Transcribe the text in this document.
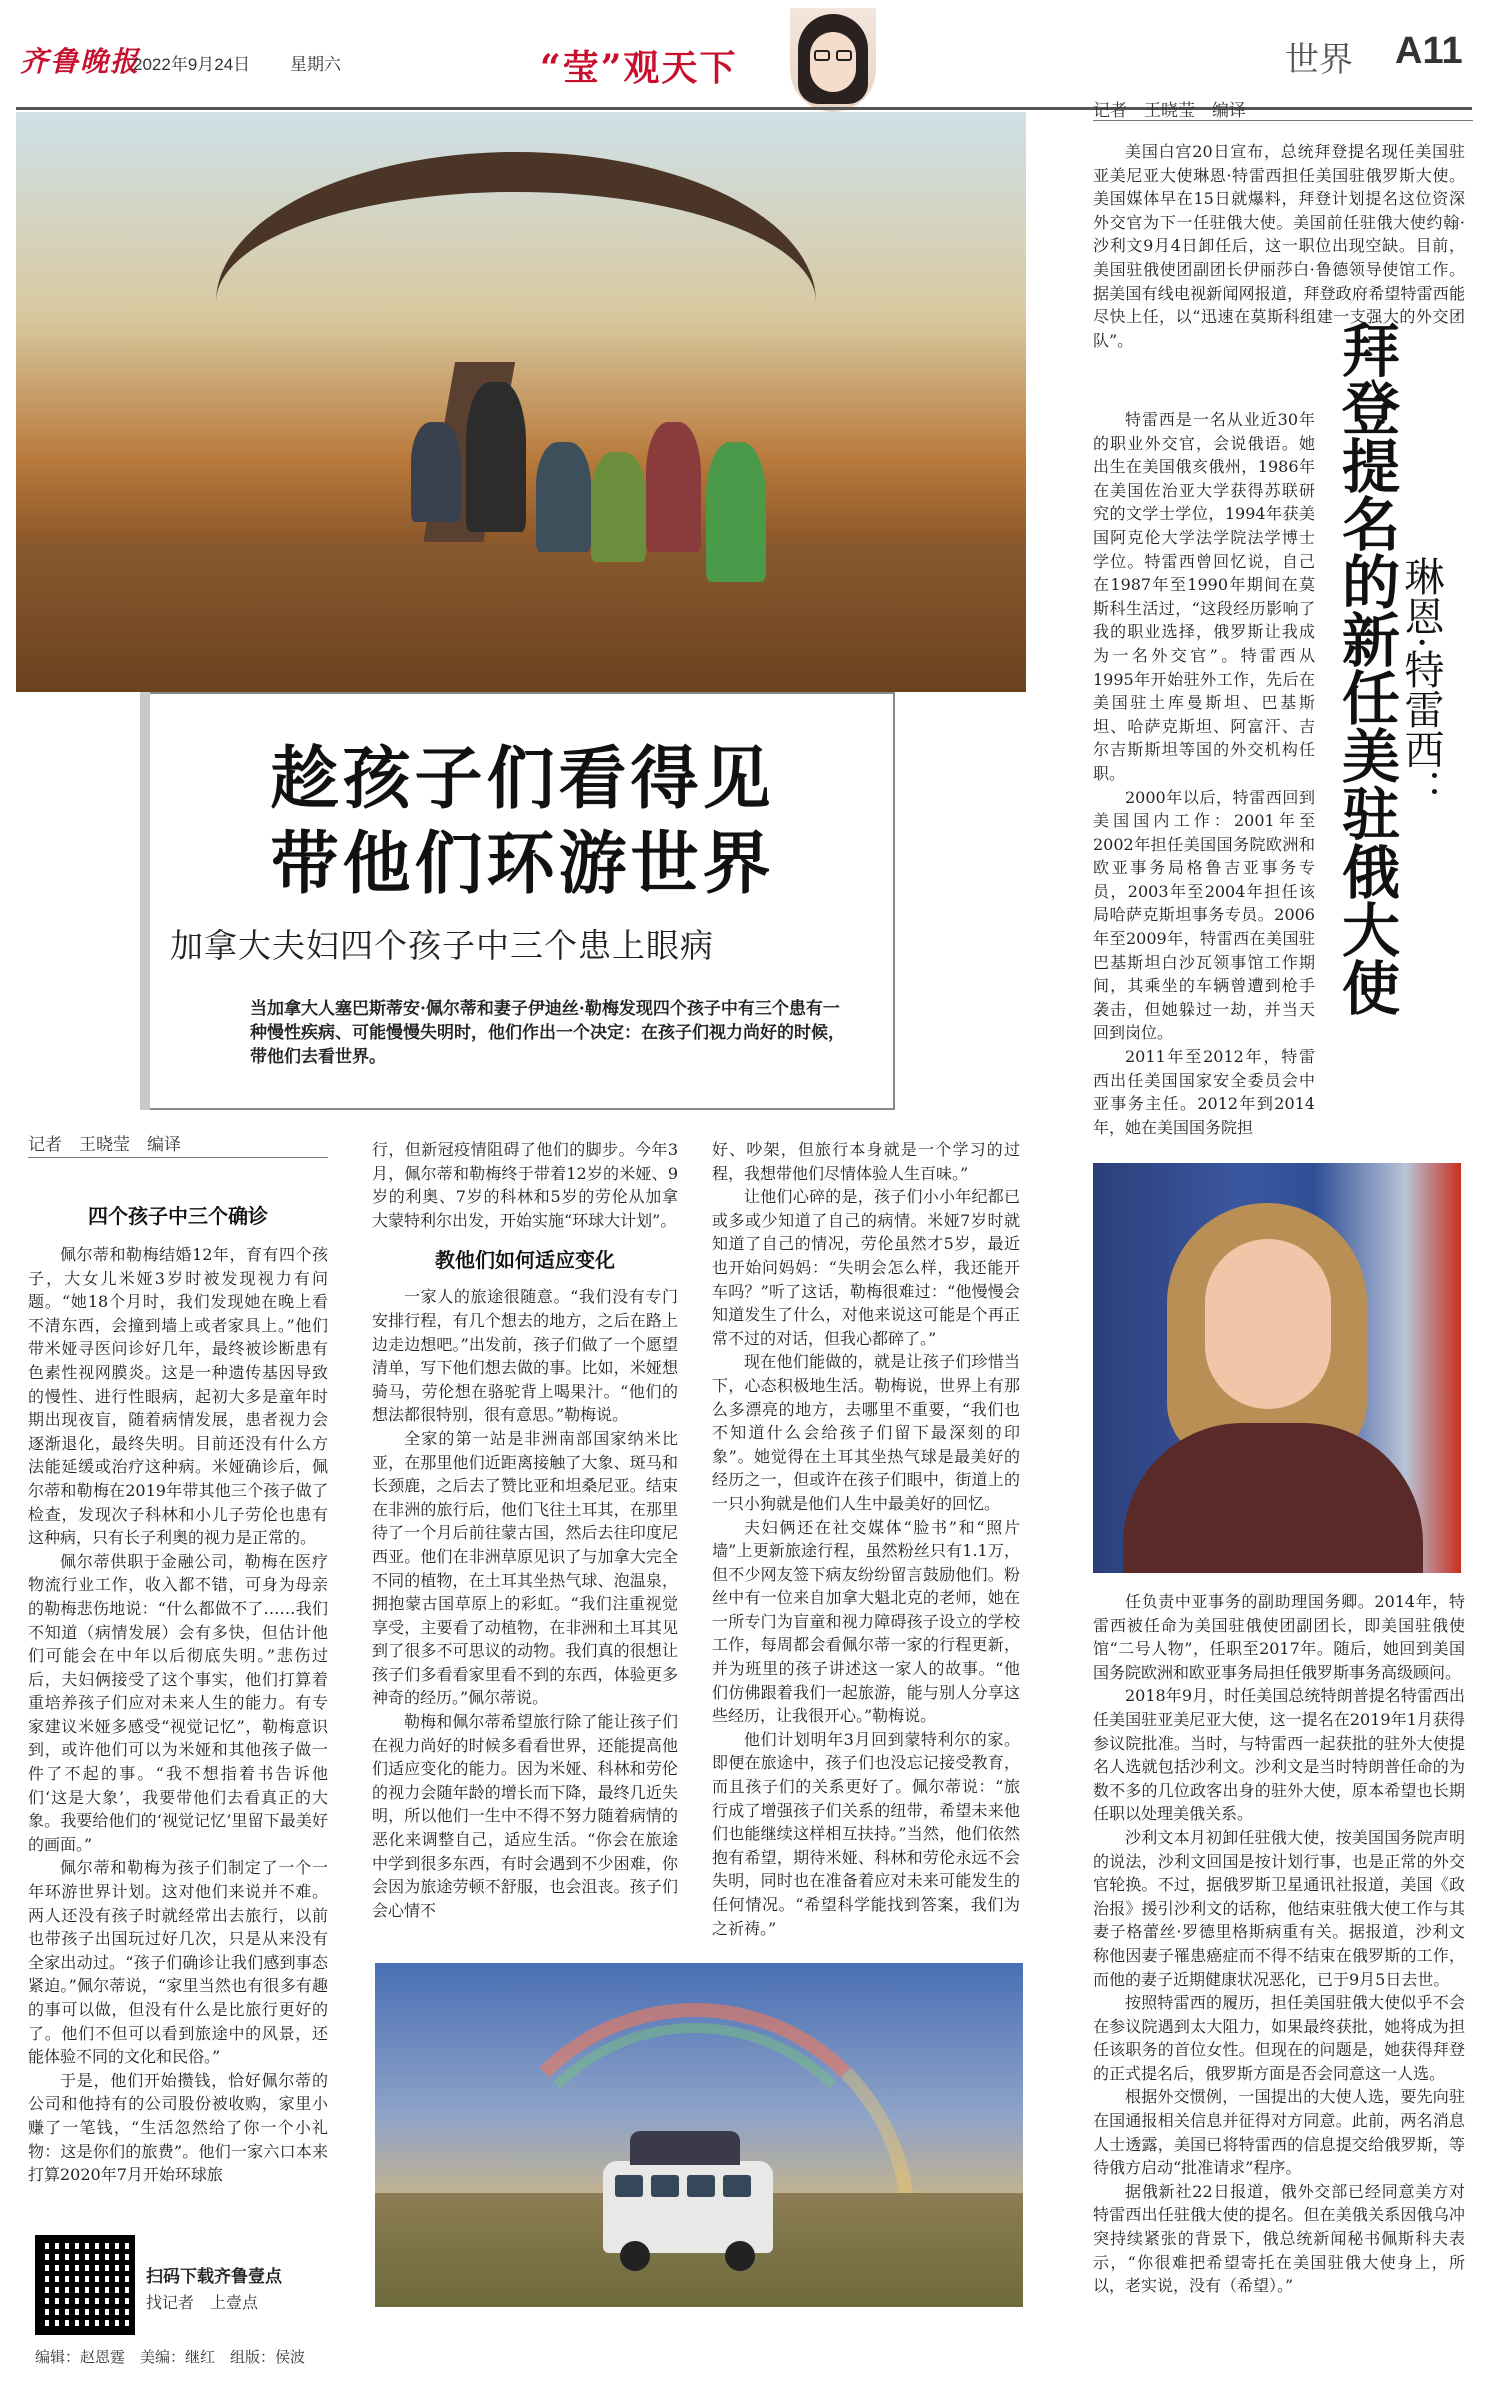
齐鲁晚报
2022年9月24日 星期六	“莹”观天下	世界 A11
趁孩子们看得见
带他们环游世界
加拿大夫妇四个孩子中三个患上眼病
当加拿大人塞巴斯蒂安·佩尔蒂和妻子伊迪丝·勒梅发现四个孩子中有三个患有一种慢性疾病、可能慢慢失明时，他们作出一个决定：在孩子们视力尚好的时候，带他们去看世界。
记者　王晓莹　编译
四个孩子中三个确诊

佩尔蒂和勒梅结婚12年，育有四个孩子，大女儿米娅3岁时被发现视力有问题。“她18个月时，我们发现她在晚上看不清东西，会撞到墙上或者家具上。”他们带米娅寻医问诊好几年，最终被诊断患有色素性视网膜炎。这是一种遗传基因导致的慢性、进行性眼病，起初大多是童年时期出现夜盲，随着病情发展，患者视力会逐渐退化，最终失明。目前还没有什么方法能延缓或治疗这种病。米娅确诊后，佩尔蒂和勒梅在2019年带其他三个孩子做了检查，发现次子科林和小儿子劳伦也患有这种病，只有长子利奥的视力是正常的。

佩尔蒂供职于金融公司，勒梅在医疗物流行业工作，收入都不错，可身为母亲的勒梅悲伤地说：“什么都做不了……我们不知道（病情发展）会有多快，但估计他们可能会在中年以后彻底失明。”悲伤过后，夫妇俩接受了这个事实，他们打算着重培养孩子们应对未来人生的能力。有专家建议米娅多感受“视觉记忆”，勒梅意识到，或许他们可以为米娅和其他孩子做一件了不起的事。“我不想指着书告诉他们‘这是大象’，我要带他们去看真正的大象。我要给他们的‘视觉记忆’里留下最美好的画面。”

佩尔蒂和勒梅为孩子们制定了一个一年环游世界计划。这对他们来说并不难。两人还没有孩子时就经常出去旅行，以前也带孩子出国玩过好几次，只是从来没有全家出动过。“孩子们确诊让我们感到事态紧迫。”佩尔蒂说，“家里当然也有很多有趣的事可以做，但没有什么是比旅行更好的了。他们不但可以看到旅途中的风景，还能体验不同的文化和民俗。”

于是，他们开始攒钱，恰好佩尔蒂的公司和他持有的公司股份被收购，家里小赚了一笔钱，“生活忽然给了你一个小礼物：这是你们的旅费”。他们一家六口本来打算2020年7月开始环球旅

行，但新冠疫情阻碍了他们的脚步。今年3月，佩尔蒂和勒梅终于带着12岁的米娅、9岁的利奥、7岁的科林和5岁的劳伦从加拿大蒙特利尔出发，开始实施“环球大计划”。

教他们如何适应变化

一家人的旅途很随意。“我们没有专门安排行程，有几个想去的地方，之后在路上边走边想吧。”出发前，孩子们做了一个愿望清单，写下他们想去做的事。比如，米娅想骑马，劳伦想在骆驼背上喝果汁。“他们的想法都很特别，很有意思。”勒梅说。

全家的第一站是非洲南部国家纳米比亚，在那里他们近距离接触了大象、斑马和长颈鹿，之后去了赞比亚和坦桑尼亚。结束在非洲的旅行后，他们飞往土耳其，在那里待了一个月后前往蒙古国，然后去往印度尼西亚。他们在非洲草原见识了与加拿大完全不同的植物，在土耳其坐热气球、泡温泉，拥抱蒙古国草原上的彩虹。“我们注重视觉享受，主要看了动植物，在非洲和土耳其见到了很多不可思议的动物。我们真的很想让孩子们多看看家里看不到的东西，体验更多神奇的经历。”佩尔蒂说。

勒梅和佩尔蒂希望旅行除了能让孩子们在视力尚好的时候多看看世界，还能提高他们适应变化的能力。因为米娅、科林和劳伦的视力会随年龄的增长而下降，最终几近失明，所以他们一生中不得不努力随着病情的恶化来调整自己，适应生活。“你会在旅途中学到很多东西，有时会遇到不少困难，你会因为旅途劳顿不舒服，也会沮丧。孩子们会心情不

好、吵架，但旅行本身就是一个学习的过程，我想带他们尽情体验人生百味。”

让他们心碎的是，孩子们小小年纪都已或多或少知道了自己的病情。米娅7岁时就知道了自己的情况，劳伦虽然才5岁，最近也开始问妈妈：“失明会怎么样，我还能开车吗？”听了这话，勒梅很难过：“他慢慢会知道发生了什么，对他来说这可能是个再正常不过的对话，但我心都碎了。”

现在他们能做的，就是让孩子们珍惜当下，心态积极地生活。勒梅说，世界上有那么多漂亮的地方，去哪里不重要，“我们也不知道什么会给孩子们留下最深刻的印象”。她觉得在土耳其坐热气球是最美好的经历之一，但或许在孩子们眼中，街道上的一只小狗就是他们人生中最美好的回忆。

夫妇俩还在社交媒体“脸书”和“照片墙”上更新旅途行程，虽然粉丝只有1.1万，但不少网友签下病友纷纷留言鼓励他们。粉丝中有一位来自加拿大魁北克的老师，她在一所专门为盲童和视力障碍孩子设立的学校工作，每周都会看佩尔蒂一家的行程更新，并为班里的孩子讲述这一家人的故事。“他们仿佛跟着我们一起旅游，能与别人分享这些经历，让我很开心。”勒梅说。

他们计划明年3月回到蒙特利尔的家。即便在旅途中，孩子们也没忘记接受教育，而且孩子们的关系更好了。佩尔蒂说：“旅行成了增强孩子们关系的纽带，希望未来他们也能继续这样相互扶持。”当然，他们依然抱有希望，期待米娅、科林和劳伦永远不会失明，同时也在准备着应对未来可能发生的任何情况。“希望科学能找到答案，我们为之祈祷。”

扫码下载齐鲁壹点
找记者　上壹点
编辑：赵恩霆　美编：继红　组版：侯波
记者　王晓莹　编译

美国白宫20日宣布，总统拜登提名现任美国驻亚美尼亚大使琳恩·特雷西担任美国驻俄罗斯大使。美国媒体早在15日就爆料，拜登计划提名这位资深外交官为下一任驻俄大使。美国前任驻俄大使约翰·沙利文9月4日卸任后，这一职位出现空缺。目前，美国驻俄使团副团长伊丽莎白·鲁德领导使馆工作。据美国有线电视新闻网报道，拜登政府希望特雷西能尽快上任，以“迅速在莫斯科组建一支强大的外交团队”。	拜登提名的新任美驻俄大使
琳恩·特雷西：

特雷西是一名从业近30年的职业外交官，会说俄语。她出生在美国俄亥俄州，1986年在美国佐治亚大学获得苏联研究的文学士学位，1994年获美国阿克伦大学法学院法学博士学位。特雷西曾回忆说，自己在1987年至1990年期间在莫斯科生活过，“这段经历影响了我的职业选择，俄罗斯让我成为一名外交官”。特雷西从1995年开始驻外工作，先后在美国驻土库曼斯坦、巴基斯坦、哈萨克斯坦、阿富汗、吉尔吉斯斯坦等国的外交机构任职。

2000年以后，特雷西回到美国国内工作：2001年至2002年担任美国国务院欧洲和欧亚事务局格鲁吉亚事务专员，2003年至2004年担任该局哈萨克斯坦事务专员。2006年至2009年，特雷西在美国驻巴基斯坦白沙瓦领事馆工作期间，其乘坐的车辆曾遭到枪手袭击，但她躲过一劫，并当天回到岗位。

2011年至2012年，特雷西出任美国国家安全委员会中亚事务主任。2012年到2014年，她在美国国务院担

任负责中亚事务的副助理国务卿。2014年，特雷西被任命为美国驻俄使团副团长，即美国驻俄使馆“二号人物”，任职至2017年。随后，她回到美国国务院欧洲和欧亚事务局担任俄罗斯事务高级顾问。

2018年9月，时任美国总统特朗普提名特雷西出任美国驻亚美尼亚大使，这一提名在2019年1月获得参议院批准。当时，与特雷西一起获批的驻外大使提名人选就包括沙利文。沙利文是当时特朗普任命的为数不多的几位政客出身的驻外大使，原本希望也长期任职以处理美俄关系。

沙利文本月初卸任驻俄大使，按美国国务院声明的说法，沙利文回国是按计划行事，也是正常的外交官轮换。不过，据俄罗斯卫星通讯社报道，美国《政治报》援引沙利文的话称，他结束驻俄大使工作与其妻子格蕾丝·罗德里格斯病重有关。据报道，沙利文称他因妻子罹患癌症而不得不结束在俄罗斯的工作，而他的妻子近期健康状况恶化，已于9月5日去世。

按照特雷西的履历，担任美国驻俄大使似乎不会在参议院遇到太大阻力，如果最终获批，她将成为担任该职务的首位女性。但现在的问题是，她获得拜登的正式提名后，俄罗斯方面是否会同意这一人选。

根据外交惯例，一国提出的大使人选，要先向驻在国通报相关信息并征得对方同意。此前，两名消息人士透露，美国已将特雷西的信息提交给俄罗斯，等待俄方启动“批准请求”程序。

据俄新社22日报道，俄外交部已经同意美方对特雷西出任驻俄大使的提名。但在美俄关系因俄乌冲突持续紧张的背景下，俄总统新闻秘书佩斯科夫表示，“你很难把希望寄托在美国驻俄大使身上，所以，老实说，没有（希望）。”
